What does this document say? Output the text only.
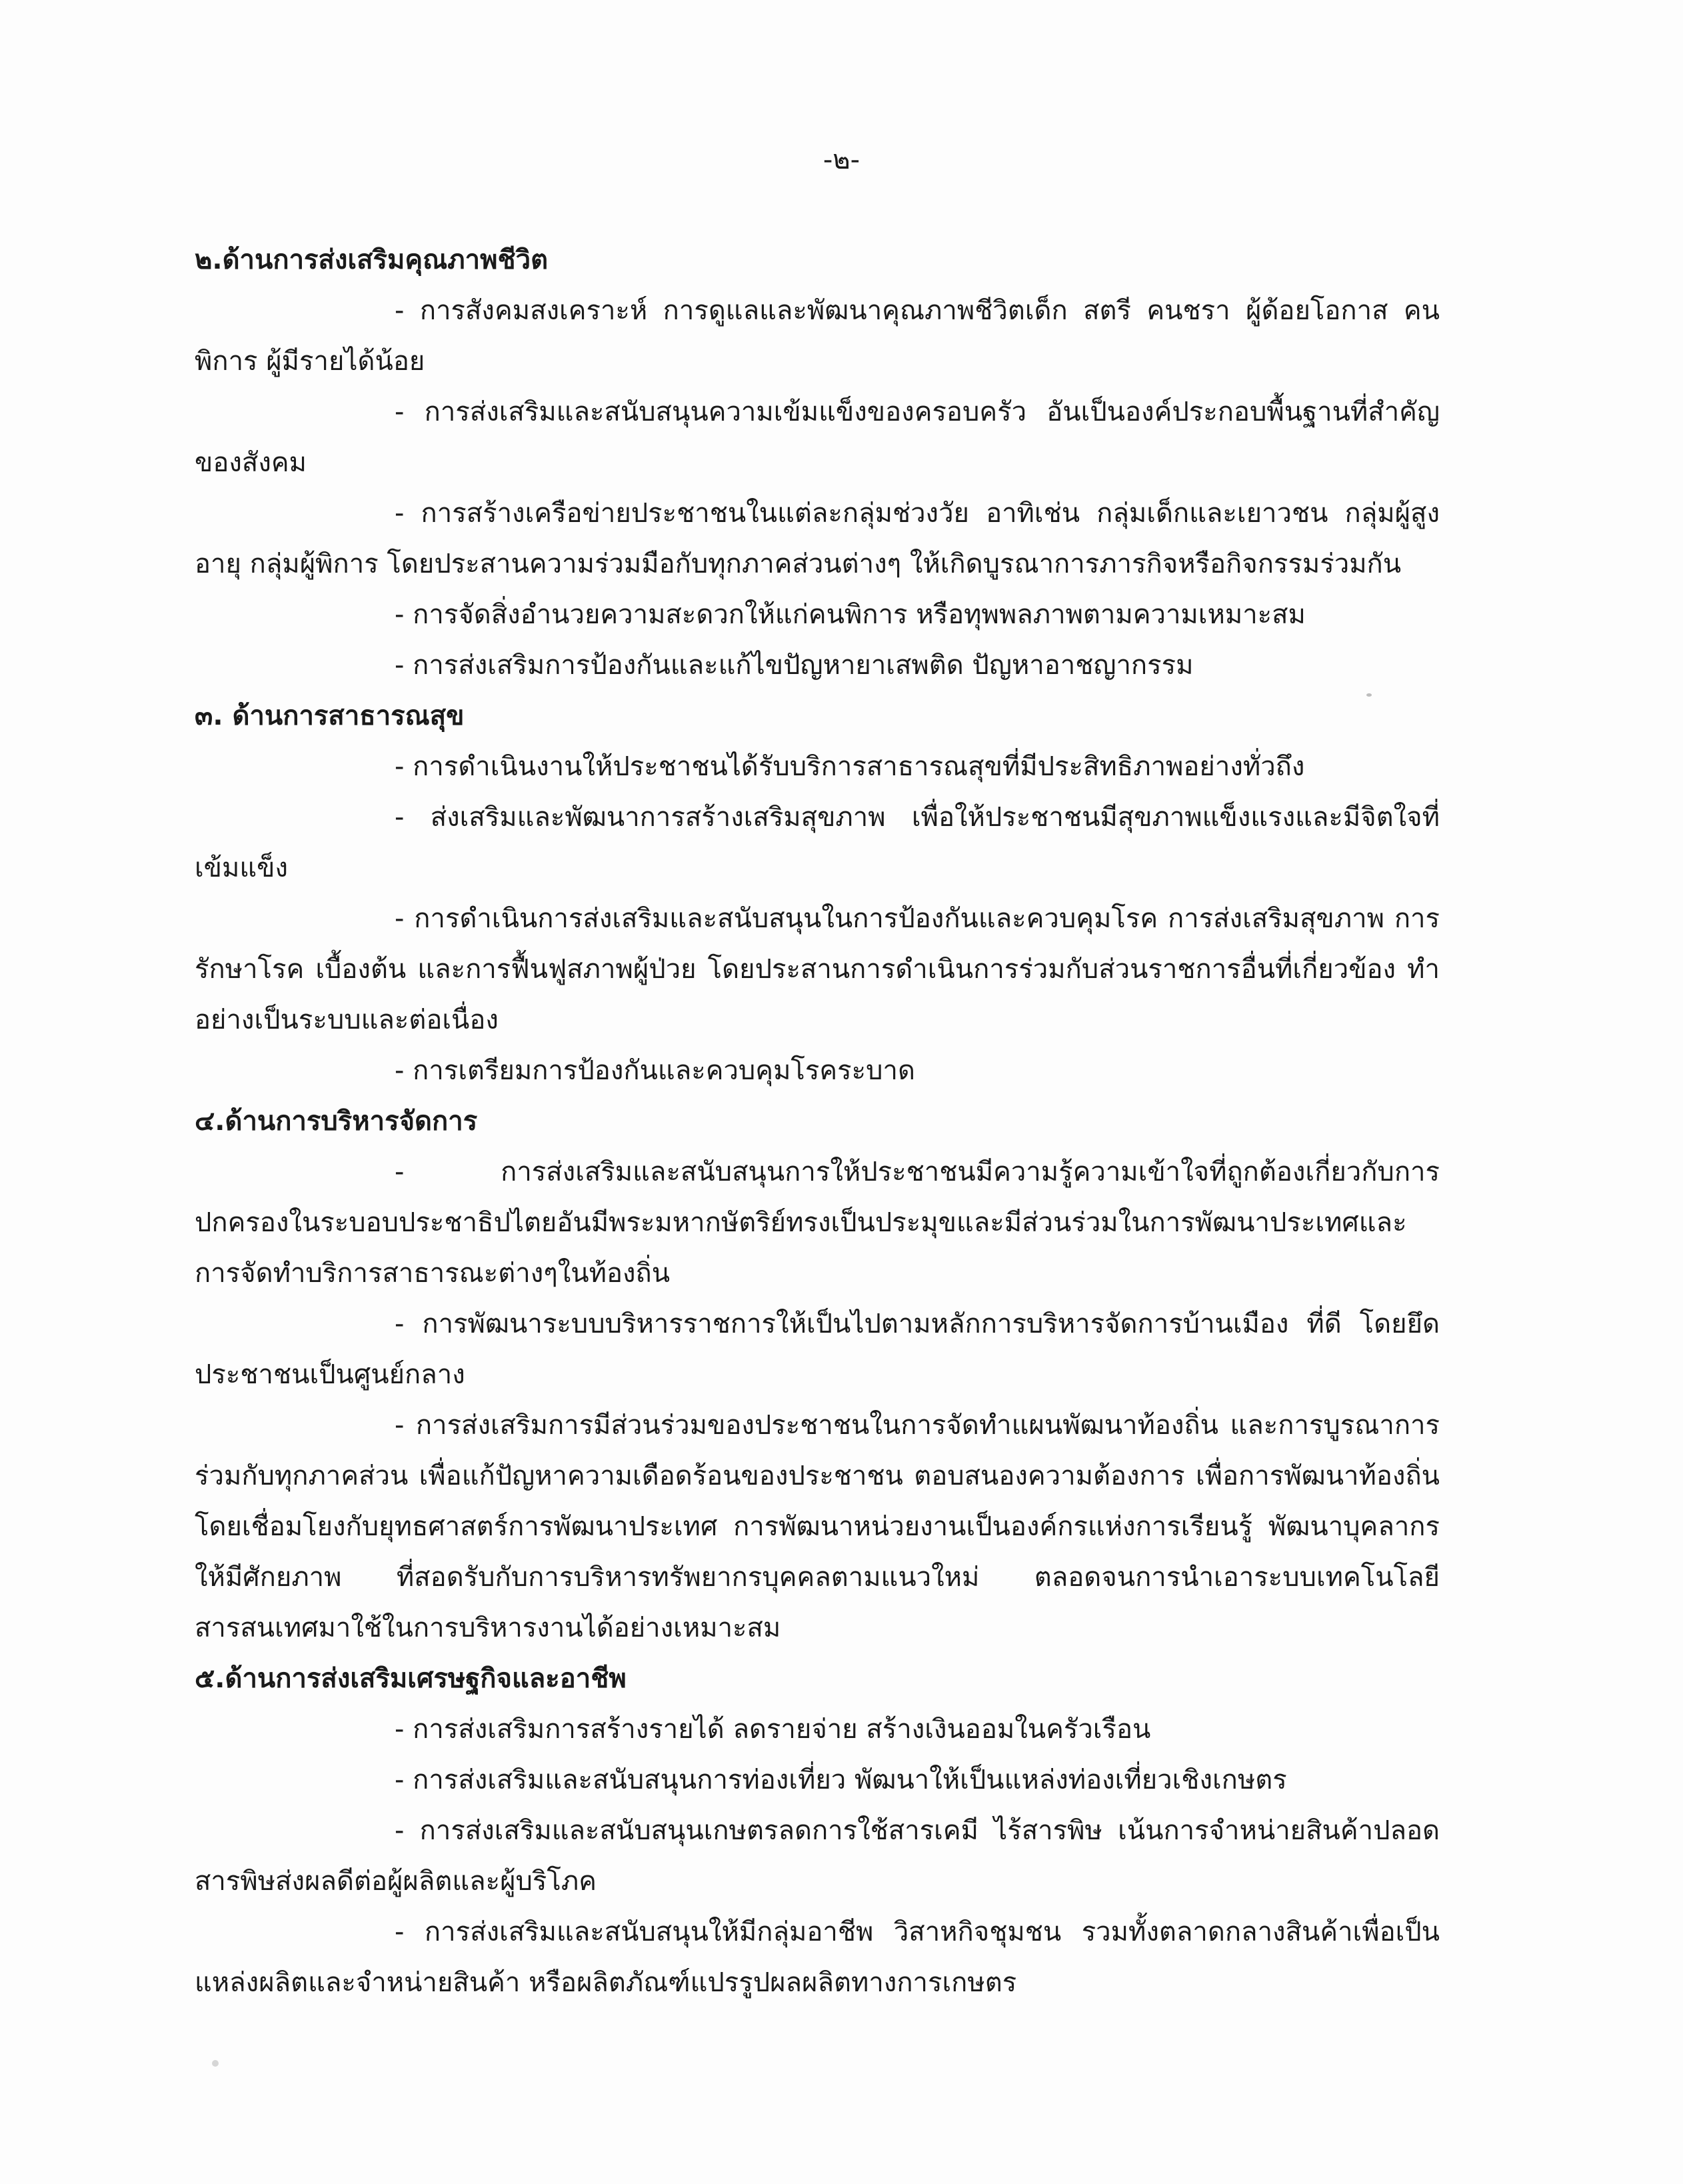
-๒-

๒.ด้านการส่งเสริมคุณภาพชีวิต

- การสังคมสงเคราะห์ การดูแลและพัฒนาคุณภาพชีวิตเด็ก สตรี คนชรา ผู้ด้อยโอกาส คนพิการ ผู้มีรายได้น้อย

- การส่งเสริมและสนับสนุนความเข้มแข็งของครอบครัว อันเป็นองค์ประกอบพื้นฐานที่สำคัญของสังคม

- การสร้างเครือข่ายประชาชนในแต่ละกลุ่มช่วงวัย อาทิเช่น กลุ่มเด็กและเยาวชน กลุ่มผู้สูงอายุ กลุ่มผู้พิการ โดยประสานความร่วมมือกับทุกภาคส่วนต่างๆ ให้เกิดบูรณาการภารกิจหรือกิจกรรมร่วมกัน

- การจัดสิ่งอำนวยความสะดวกให้แก่คนพิการ หรือทุพพลภาพตามความเหมาะสม

- การส่งเสริมการป้องกันและแก้ไขปัญหายาเสพติด ปัญหาอาชญากรรม

๓. ด้านการสาธารณสุข

- การดำเนินงานให้ประชาชนได้รับบริการสาธารณสุขที่มีประสิทธิภาพอย่างทั่วถึง

- ส่งเสริมและพัฒนาการสร้างเสริมสุขภาพ เพื่อให้ประชาชนมีสุขภาพแข็งแรงและมีจิตใจที่เข้มแข็ง

- การดำเนินการส่งเสริมและสนับสนุนในการป้องกันและควบคุมโรค การส่งเสริมสุขภาพ การรักษาโรค เบื้องต้น และการฟื้นฟูสภาพผู้ป่วย โดยประสานการดำเนินการร่วมกับส่วนราชการอื่นที่เกี่ยวข้อง ทำอย่างเป็นระบบและต่อเนื่อง

- การเตรียมการป้องกันและควบคุมโรคระบาด

๔.ด้านการบริหารจัดการ

- การส่งเสริมและสนับสนุนการให้ประชาชนมีความรู้ความเข้าใจที่ถูกต้องเกี่ยวกับการปกครองในระบอบประชาธิปไตยอันมีพระมหากษัตริย์ทรงเป็นประมุขและมีส่วนร่วมในการพัฒนาประเทศและการจัดทำบริการสาธารณะต่างๆในท้องถิ่น

- การพัฒนาระบบบริหารราชการให้เป็นไปตามหลักการบริหารจัดการบ้านเมือง ที่ดี โดยยึดประชาชนเป็นศูนย์กลาง

- การส่งเสริมการมีส่วนร่วมของประชาชนในการจัดทำแผนพัฒนาท้องถิ่น และการบูรณาการร่วมกับทุกภาคส่วน เพื่อแก้ปัญหาความเดือดร้อนของประชาชน ตอบสนองความต้องการ เพื่อการพัฒนาท้องถิ่นโดยเชื่อมโยงกับยุทธศาสตร์การพัฒนาประเทศ การพัฒนาหน่วยงานเป็นองค์กรแห่งการเรียนรู้ พัฒนาบุคลากรให้มีศักยภาพ ที่สอดรับกับการบริหารทรัพยากรบุคคลตามแนวใหม่ ตลอดจนการนำเอาระบบเทคโนโลยีสารสนเทศมาใช้ในการบริหารงานได้อย่างเหมาะสม

๕.ด้านการส่งเสริมเศรษฐกิจและอาชีพ

- การส่งเสริมการสร้างรายได้ ลดรายจ่าย สร้างเงินออมในครัวเรือน

- การส่งเสริมและสนับสนุนการท่องเที่ยว พัฒนาให้เป็นแหล่งท่องเที่ยวเชิงเกษตร

- การส่งเสริมและสนับสนุนเกษตรลดการใช้สารเคมี ไร้สารพิษ เน้นการจำหน่ายสินค้าปลอดสารพิษส่งผลดีต่อผู้ผลิตและผู้บริโภค

- การส่งเสริมและสนับสนุนให้มีกลุ่มอาชีพ วิสาหกิจชุมชน รวมทั้งตลาดกลางสินค้าเพื่อเป็นแหล่งผลิตและจำหน่ายสินค้า หรือผลิตภัณฑ์แปรรูปผลผลิตทางการเกษตร
